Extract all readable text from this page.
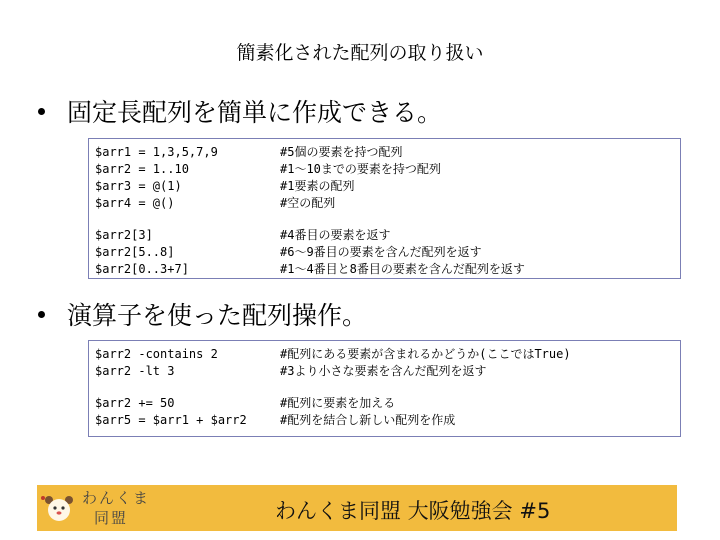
簡素化された配列の取り扱い
固定長配列を簡単に作成できる。
$arr1 = 1,3,5,7,9	#5個の要素を持つ配列
$arr2 = 1..10	#1～10までの要素を持つ配列
$arr3 = @(1)	#1要素の配列
$arr4 = @()	#空の配列
$arr2[3]	#4番目の要素を返す
$arr2[5..8]	#6～9番目の要素を含んだ配列を返す
$arr2[0..3+7]	#1～4番目と8番目の要素を含んだ配列を返す
演算子を使った配列操作。
$arr2 -contains 2	#配列にある要素が含まれるかどうか(ここではTrue)
$arr2 -lt 3	#3より小さな要素を含んだ配列を返す
$arr2 += 50	#配列に要素を加える
$arr5 = $arr1 + $arr2	#配列を結合し新しい配列を作成
わんくま
同盟	わんくま同盟 大阪勉強会 #5
